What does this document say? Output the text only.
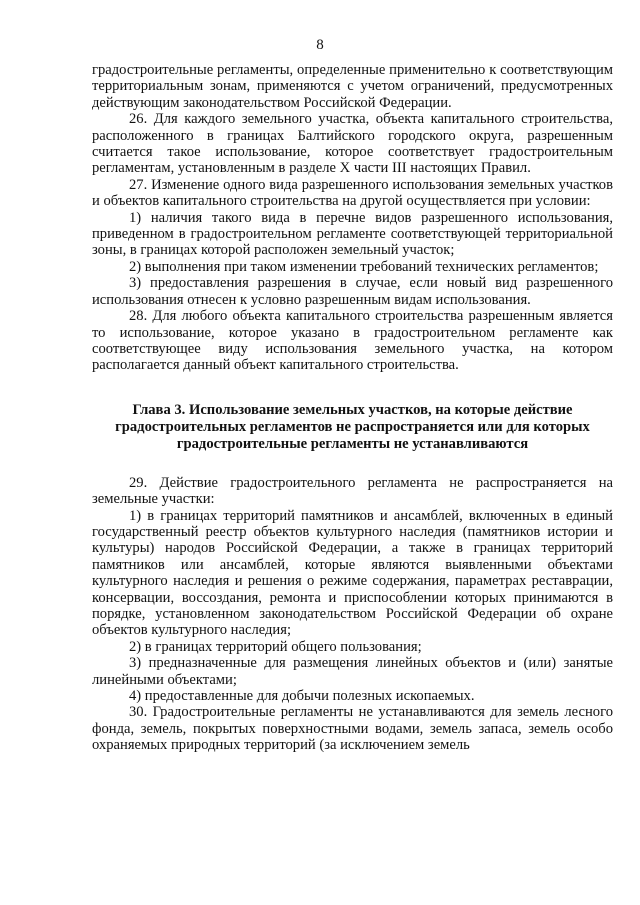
8

градостроительные регламенты, определенные применительно к соответствующим территориальным зонам, применяются с учетом ограничений, предусмотренных действующим законодательством Российской Федерации.

26. Для каждого земельного участка, объекта капитального строительства, расположенного в границах Балтийского городского округа, разрешенным считается такое использование, которое соответствует градостроительным регламентам, установленным в разделе X части III настоящих Правил.

27. Изменение одного вида разрешенного использования земельных участков и объектов капитального строительства на другой осуществляется при условии:

1) наличия такого вида в перечне видов разрешенного использования, приведенном в градостроительном регламенте соответствующей территориальной зоны, в границах которой расположен земельный участок;

2) выполнения при таком изменении требований технических регламентов;

3) предоставления разрешения в случае, если новый вид разрешенного использования отнесен к условно разрешенным видам использования.

28. Для любого объекта капитального строительства разрешенным является то использование, которое указано в градостроительном регламенте как соответствующее виду использования земельного участка, на котором располагается данный объект капитального строительства.

Глава 3. Использование земельных участков, на которые действие градостроительных регламентов не распространяется или для которых градостроительные регламенты не устанавливаются

29. Действие градостроительного регламента не распространяется на земельные участки:

1) в границах территорий памятников и ансамблей, включенных в единый государственный реестр объектов культурного наследия (памятников истории и культуры) народов Российской Федерации, а также в границах территорий памятников или ансамблей, которые являются выявленными объектами культурного наследия и решения о режиме содержания, параметрах реставрации, консервации, воссоздания, ремонта и приспособлении которых принимаются в порядке, установленном законодательством Российской Федерации об охране объектов культурного наследия;

2) в границах территорий общего пользования;

3) предназначенные для размещения линейных объектов и (или) занятые линейными объектами;

4) предоставленные для добычи полезных ископаемых.

30. Градостроительные регламенты не устанавливаются для земель лесного фонда, земель, покрытых поверхностными водами, земель запаса, земель особо охраняемых природных территорий (за исключением земель
